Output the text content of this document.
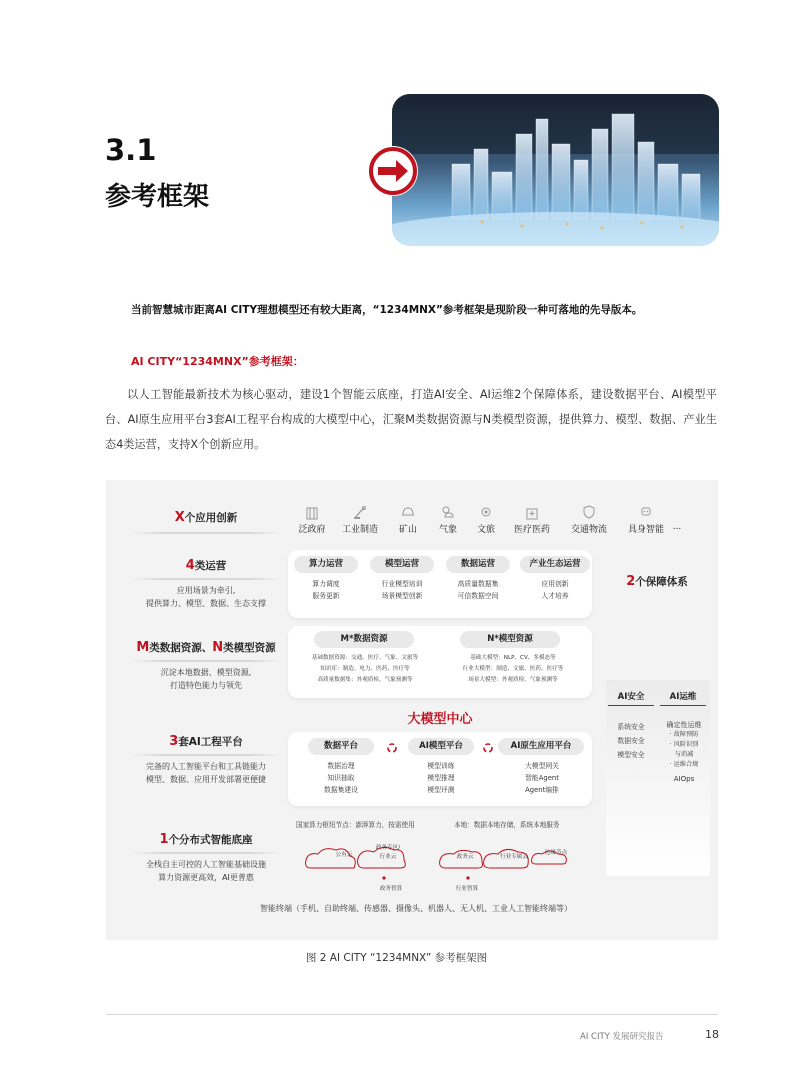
3.1
参考框架
当前智慧城市距离AI CITY理想模型还有较大距离，“1234MNX”参考框架是现阶段一种可落地的先导版本。
AI CITY“1234MNX”参考框架：
以人工智能最新技术为核心驱动，建设1个智能云底座，打造AI安全、AI运维2个保障体系，建设数据平台、AI模型平台、AI原生应用平台3套AI工程平台构成的大模型中心，汇聚M类数据资源与N类模型资源，提供算力、模型、数据、产业生态4类运营，支持X个创新应用。
X个应用创新
4类运营
应用场景为牵引,
提供算力、模型、数据、生态支撑
M类数据资源、N类模型资源
沉淀本地数据、模型资源,
打造特色能力与领先
3套AI工程平台
完备的人工智能平台和工具链能力
模型、数据、应用开发部署更便捷
1个分布式智能底座
全栈自主可控的人工智能基础设施
算力资源更高效，AI更普惠
泛政府	工业制造	矿山	气象	文旅	医疗医药	交通物流	具身智能 ...
算力运营	模型运营	数据运营	产业生态运营
算力调度
服务更新
行业模型培训
场景模型创新
高质量数据集
可信数据空间
应用创新
人才培养
M*数据资源	N*模型资源
基础数据资源：交通、医疗、气象、文旅等
知识库：制造、电力、医药、医疗等
高质量数据集：外观质检、气象预测等
基础大模型：NLP、CV、多模态等
行业大模型：制造、文旅、医药、医疗等
场景大模型：外观质检、气象预测等
大模型中心
数据平台	AI模型平台	AI原生应用平台
数据治理
知识抽取
数据集建设
模型训练
模型推理
模型评测
大模型网关
智能Agent
Agent编排
国家算力枢纽节点：澎湃算力，按需使用	本地：数据本地存储，系统本地服务
公有云
政务专区/
行业云	政务云	行业专属云
边缘节点
政务智算	行业智算
智能终端（手机、自助终端、传感器、摄像头、机器人、无人机、工业人工智能终端等）
2个保障体系
AI安全
系统安全
数据安全
模型安全
AI运维
确定性运维
· 故障预防
· 风险识别
与消减
· 运维合规
AIOps
图 2 AI CITY “1234MNX” 参考框架图
AI CITY 发展研究报告	18
